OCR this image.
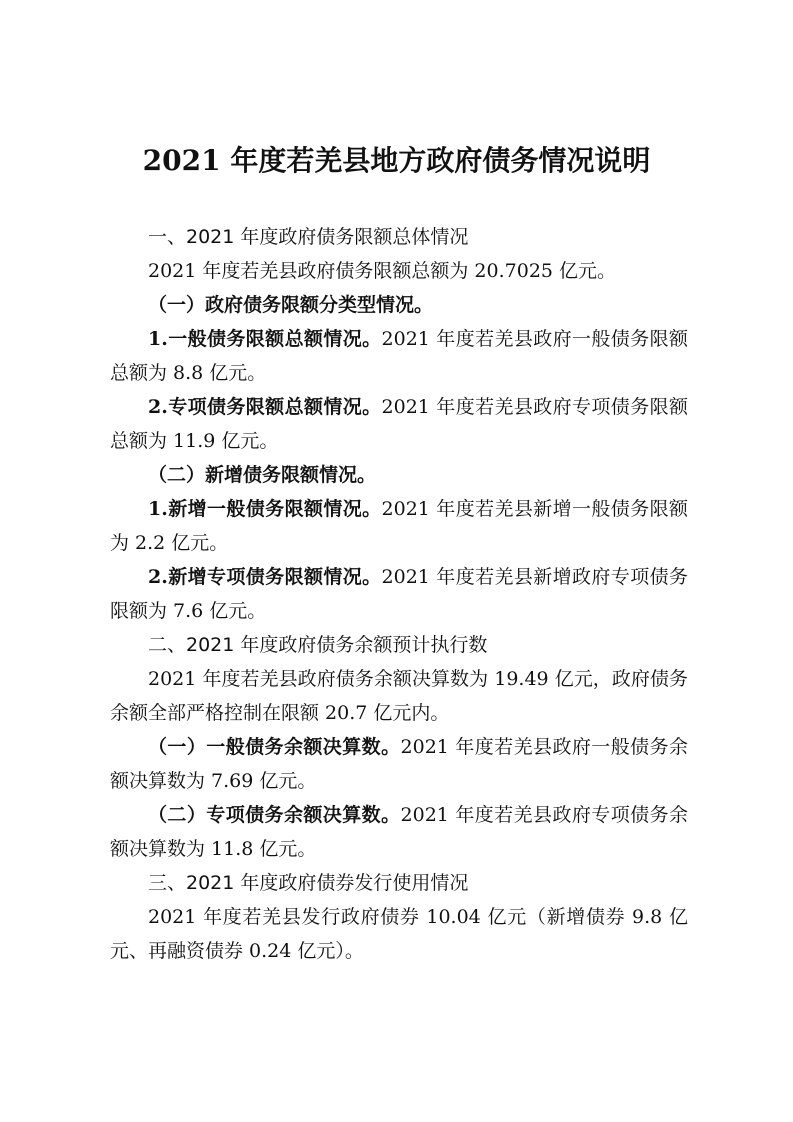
2021 年度若羌县地方政府债务情况说明

一、2021 年度政府债务限额总体情况

2021 年度若羌县政府债务限额总额为 20.7025 亿元。

（一）政府债务限额分类型情况。

1.一般债务限额总额情况。2021 年度若羌县政府一般债务限额总额为 8.8 亿元。

2.专项债务限额总额情况。2021 年度若羌县政府专项债务限额总额为 11.9 亿元。

（二）新增债务限额情况。

1.新增一般债务限额情况。2021 年度若羌县新增一般债务限额为 2.2 亿元。

2.新增专项债务限额情况。2021 年度若羌县新增政府专项债务限额为 7.6 亿元。

二、2021 年度政府债务余额预计执行数

2021 年度若羌县政府债务余额决算数为 19.49 亿元，政府债务余额全部严格控制在限额 20.7 亿元内。

（一）一般债务余额决算数。2021 年度若羌县政府一般债务余额决算数为 7.69 亿元。

（二）专项债务余额决算数。2021 年度若羌县政府专项债务余额决算数为 11.8 亿元。

三、2021 年度政府债券发行使用情况

2021 年度若羌县发行政府债券 10.04 亿元（新增债券 9.8 亿元、再融资债券 0.24 亿元）。
